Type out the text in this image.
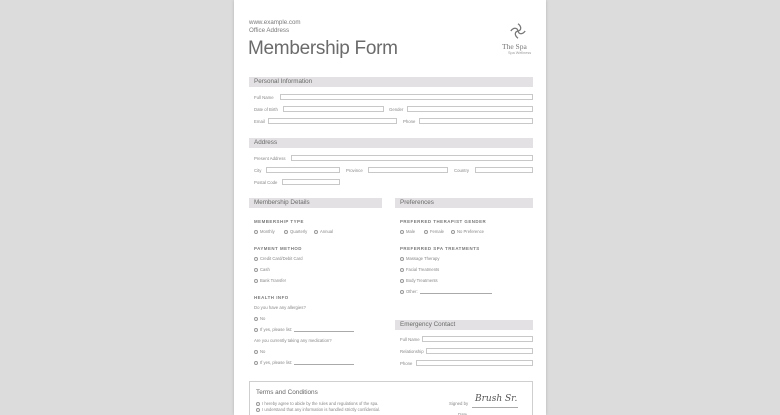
www.example.com
Office Address
Membership Form	The Spa
Spa Wellness
Personal Information
Full Name
Date of Birth	Gender
Email	Phone
Address
Present Address
City	Province	Country
Postal Code
Membership Details
MEMBERSHIP TYPE
Monthly	Quarterly	Annual
PAYMENT METHOD
Credit Card/Debit Card
Cash
Bank Transfer
HEALTH INFO
Do you have any allergies?
No
If yes, please list:
Are you currently taking any medication?
No
If yes, please list:
Preferences
PREFERRED THERAPIST GENDER
Male	Female	No Preference
PREFERRED SPA TREATMENTS
Massage Therapy
Facial Treatments
Body Treatments
Other:
Emergency Contact
Full Name
Relationship
Phone
Terms and Conditions
I hereby agree to abide by the rules and regulations of the spa.
I understand that any information is handled strictly confidential.
Signed by Brush Sr.
Date
